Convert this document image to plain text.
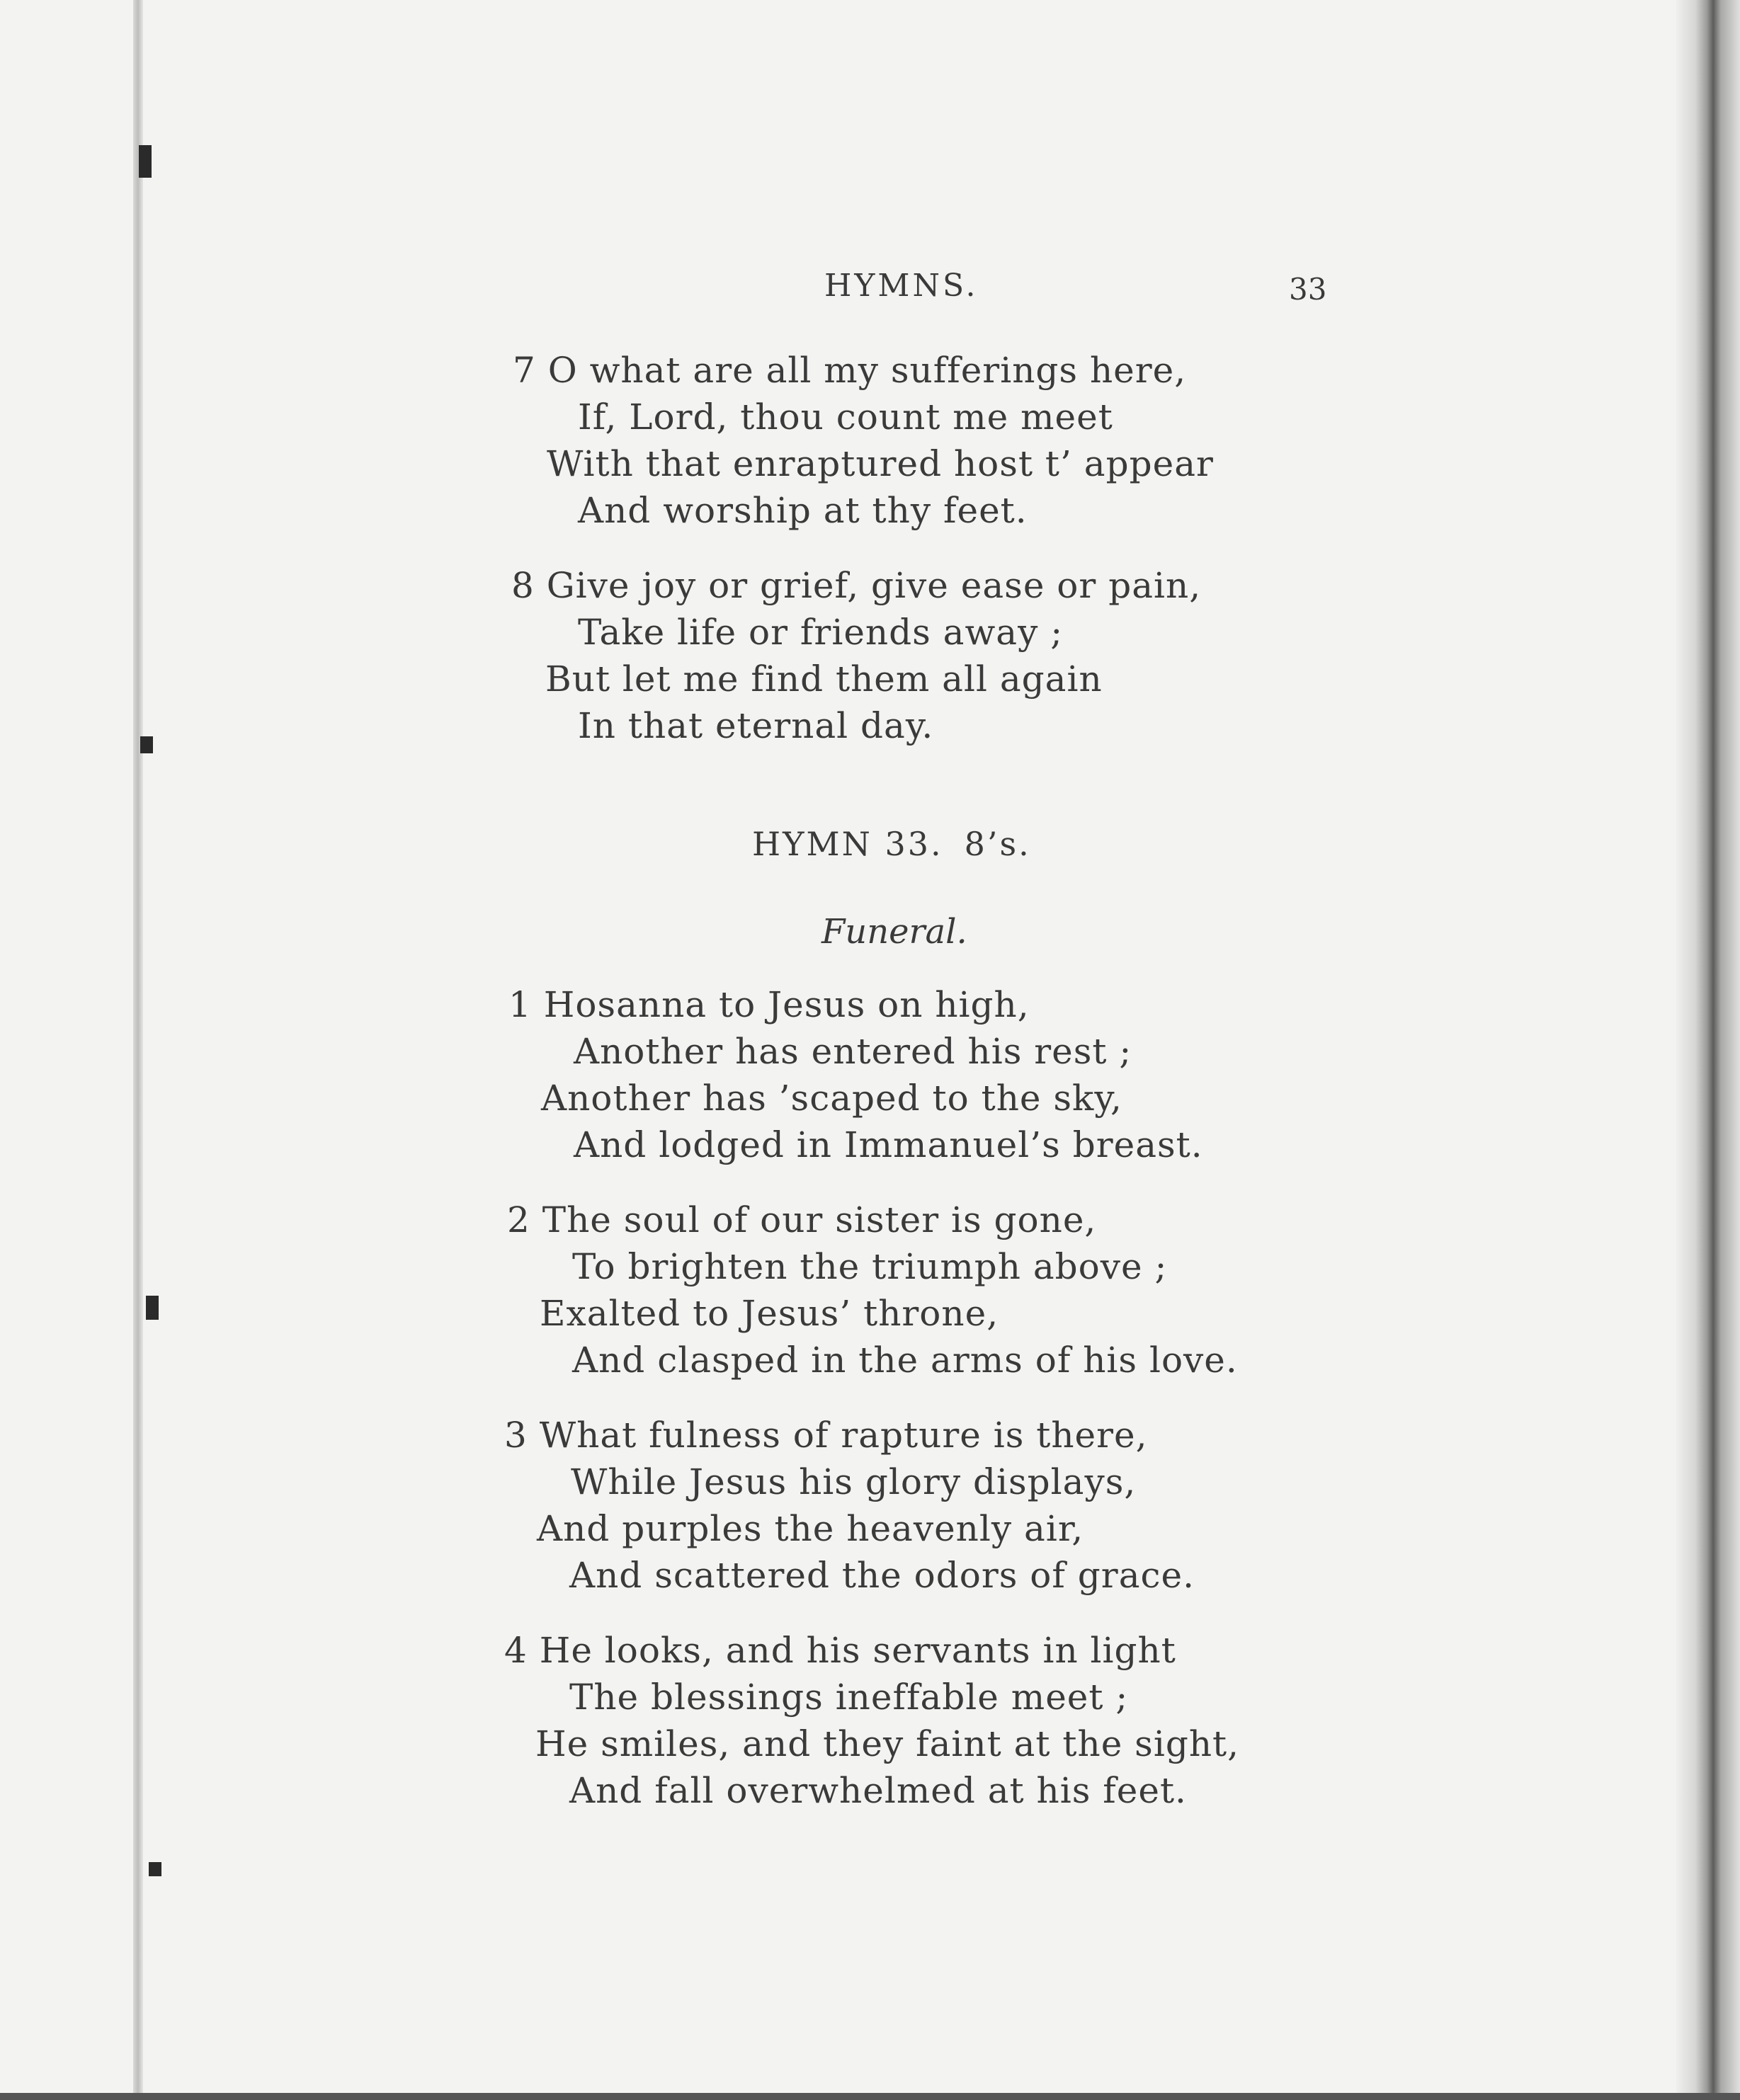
HYMNS.	33
7 O what are all my sufferings here,
If, Lord, thou count me meet
With that enraptured host t’ appear
And worship at thy feet.
8 Give joy or grief, give ease or pain,
Take life or friends away ;
But let me find them all again
In that eternal day.
HYMN 33. 8’s.
Funeral.
1 Hosanna to Jesus on high,
Another has entered his rest ;
Another has ’scaped to the sky,
And lodged in Immanuel’s breast.
2 The soul of our sister is gone,
To brighten the triumph above ;
Exalted to Jesus’ throne,
And clasped in the arms of his love.
3 What fulness of rapture is there,
While Jesus his glory displays,
And purples the heavenly air,
And scattered the odors of grace.
4 He looks, and his servants in light
The blessings ineffable meet ;
He smiles, and they faint at the sight,
And fall overwhelmed at his feet.
